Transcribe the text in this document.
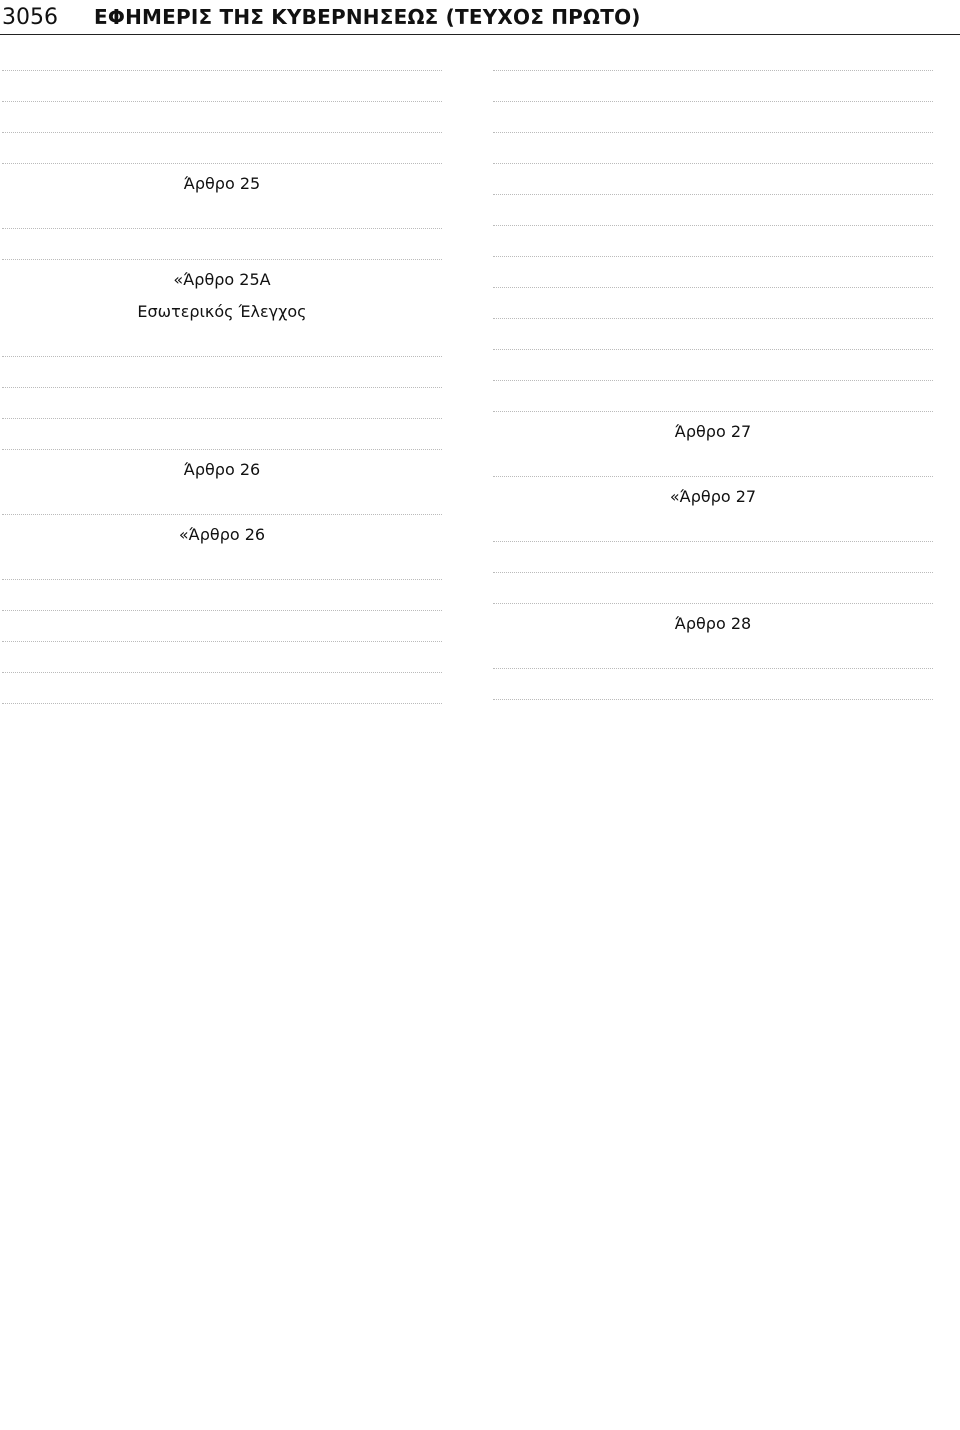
3056 ΕΦΗΜΕΡΙΣ ΤΗΣ ΚΥΒΕΡΝΗΣΕΩΣ (ΤΕΥΧΟΣ ΠΡΩΤΟ)
Άρθρο 25
«Άρθρο 25Α
Εσωτερικός Έλεγχος
Άρθρο 26
«Άρθρο 26
Άρθρο 27
«Άρθρο 27
Άρθρο 28
